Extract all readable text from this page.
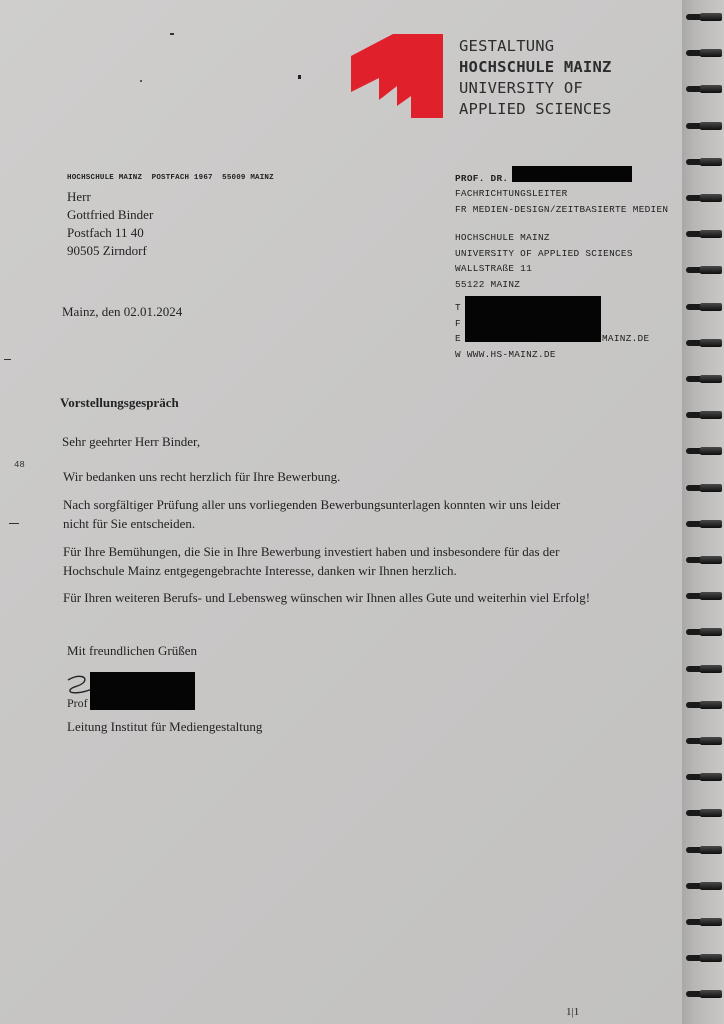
GESTALTUNG
HOCHSCHULE MAINZ
UNIVERSITY OF
APPLIED SCIENCES
HOCHSCHULE MAINZ  POSTFACH 1967  55009 MAINZ
Herr
Gottfried Binder
Postfach 11 40
90505 Zirndorf
PROF. DR.
FACHRICHTUNGSLEITER
FR MEDIEN-DESIGN/ZEITBASIERTE MEDIEN
HOCHSCHULE MAINZ
UNIVERSITY OF APPLIED SCIENCES
WALLSTRAßE 11
55122 MAINZ
T
F
E	MAINZ.DE
W WWW.HS-MAINZ.DE
Mainz, den 02.01.2024
Vorstellungsgespräch
Sehr geehrter Herr Binder,
Wir bedanken uns recht herzlich für Ihre Bewerbung.
Nach sorgfältiger Prüfung aller uns vorliegenden Bewerbungsunterlagen konnten wir uns leider
nicht für Sie entscheiden.
Für Ihre Bemühungen, die Sie in Ihre Bewerbung investiert haben und insbesondere für das der
Hochschule Mainz entgegengebrachte Interesse, danken wir Ihnen herzlich.
Für Ihren weiteren Berufs- und Lebensweg wünschen wir Ihnen alles Gute und weiterhin viel Erfolg!
Mit freundlichen Grüßen
Prof
Leitung Institut für Mediengestaltung
1|1
48
